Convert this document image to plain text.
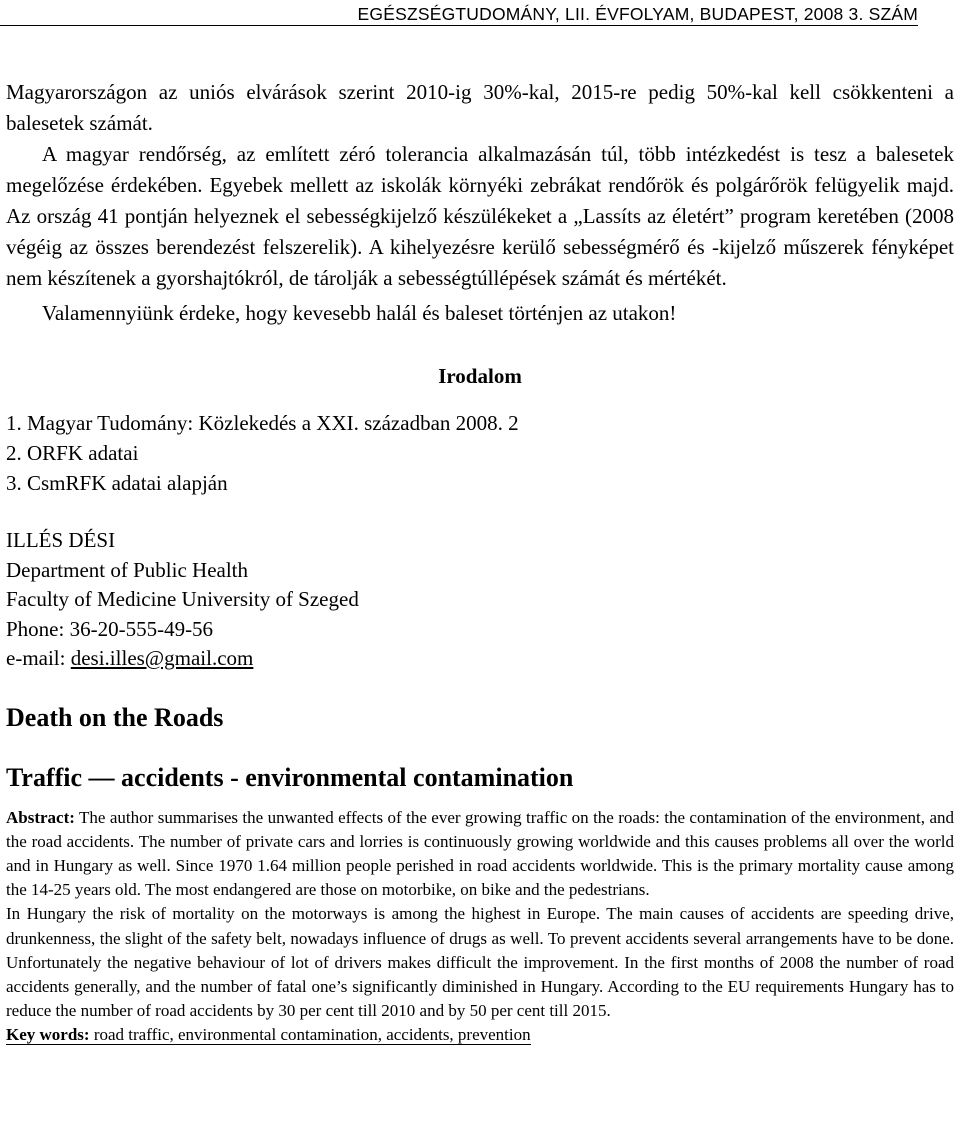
EGÉSZSÉGTUDOMÁNY, LII. ÉVFOLYAM, BUDAPEST, 2008 3. SZÁM

Magyarországon az uniós elvárások szerint 2010-ig 30%-kal, 2015-re pedig 50%-kal kell csökkenteni a balesetek számát.

A magyar rendőrség, az említett zéró tolerancia alkalmazásán túl, több intézkedést is tesz a balesetek megelőzése érdekében. Egyebek mellett az iskolák környéki zebrákat rendőrök és polgárőrök felügyelik majd. Az ország 41 pontján helyeznek el sebességkijelző készülékeket a „Lassíts az életért” program keretében (2008 végéig az összes berendezést felszerelik). A kihelyezésre kerülő sebességmérő és -kijelző műszerek fényképet nem készítenek a gyorshajtókról, de tárolják a sebességtúllépések számát és mértékét.

Valamennyiünk érdeke, hogy kevesebb halál és baleset történjen az utakon!

Irodalom
1. Magyar Tudomány: Közlekedés a XXI. században 2008. 2
2. ORFK adatai
3. CsmRFK adatai alapján
ILLÉS DÉSI
Department of Public Health
Faculty of Medicine University of Szeged
Phone: 36-20-555-49-56
e-mail: desi.illes@gmail.com
Death on the Roads
Traffic — accidents - environmental contamination

Abstract: The author summarises the unwanted effects of the ever growing traffic on the roads: the contamination of the environment, and the road accidents. The number of private cars and lorries is continuously growing worldwide and this causes problems all over the world and in Hungary as well. Since 1970 1.64 million people perished in road accidents worldwide. This is the primary mortality cause among the 14-25 years old. The most endangered are those on motorbike, on bike and the pedestrians.

In Hungary the risk of mortality on the motorways is among the highest in Europe. The main causes of accidents are speeding drive, drunkenness, the slight of the safety belt, nowadays influence of drugs as well. To prevent accidents several arrangements have to be done. Unfortunately the negative behaviour of lot of drivers makes difficult the improvement. In the first months of 2008 the number of road accidents generally, and the number of fatal one’s significantly diminished in Hungary. According to the EU requirements Hungary has to reduce the number of road accidents by 30 per cent till 2010 and by 50 per cent till 2015.

Key words: road traffic, environmental contamination, accidents, prevention
